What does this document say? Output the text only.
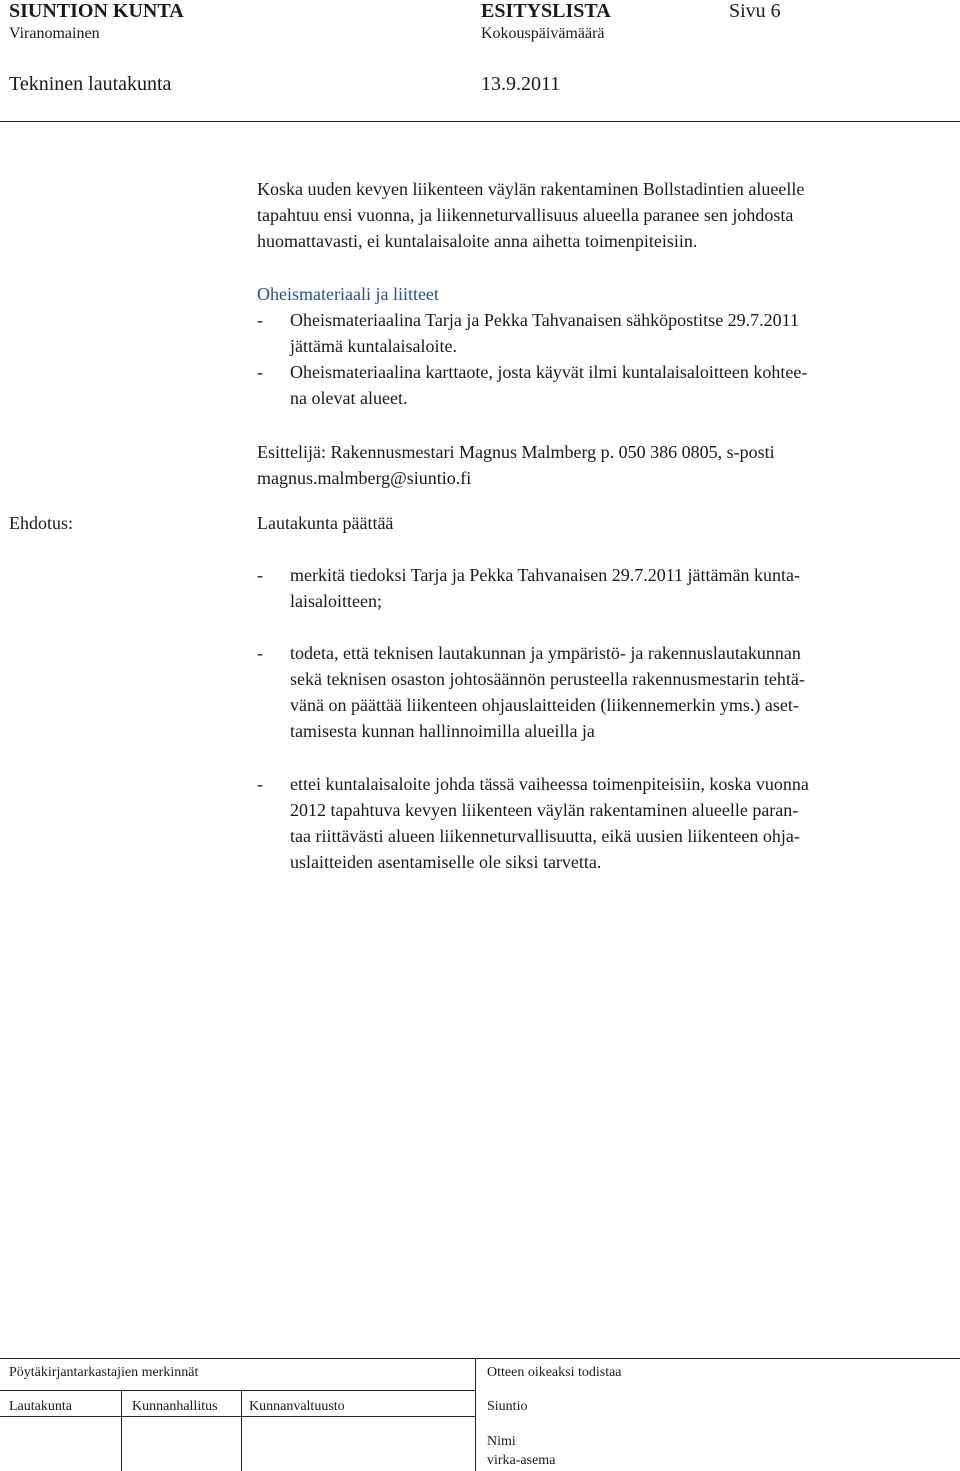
SIUNTION KUNTA
Viranomainen
ESITYSLISTA
Kokouspäivämäärä
Sivu 6
Tekninen lautakunta	13.9.2011

Koska uuden kevyen liikenteen väylän rakentaminen Bollstadintien alueelle

tapahtuu ensi vuonna, ja liikenneturvallisuus alueella paranee sen johdosta

huomattavasti, ei kuntalaisaloite anna aihetta toimenpiteisiin.

Oheismateriaali ja liitteet

- Oheismateriaalina Tarja ja Pekka Tahvanaisen sähköpostitse 29.7.2011

jättämä kuntalaisaloite.

- Oheismateriaalina karttaote, josta käyvät ilmi kuntalaisaloitteen kohtee-

na olevat alueet.

Esittelijä: Rakennusmestari Magnus Malmberg p. 050 386 0805, s-posti

magnus.malmberg@siuntio.fi

Ehdotus:	Lautakunta päättää

- merkitä tiedoksi Tarja ja Pekka Tahvanaisen 29.7.2011 jättämän kunta-

laisaloitteen;

- todeta, että teknisen lautakunnan ja ympäristö- ja rakennuslautakunnan

sekä teknisen osaston johtosäännön perusteella rakennusmestarin tehtä-

vänä on päättää liikenteen ohjauslaitteiden (liikennemerkin yms.) aset-

tamisesta kunnan hallinnoimilla alueilla ja

- ettei kuntalaisaloite johda tässä vaiheessa toimenpiteisiin, koska vuonna

2012 tapahtuva kevyen liikenteen väylän rakentaminen alueelle paran-

taa riittävästi alueen liikenneturvallisuutta, eikä uusien liikenteen ohja-

uslaitteiden asentamiselle ole siksi tarvetta.

Pöytäkirjantarkastajien merkinnät	Otteen oikeaksi todistaa
Lautakunta	Kunnanhallitus Kunnanvaltuusto	Siuntio
Nimi
virka-asema
